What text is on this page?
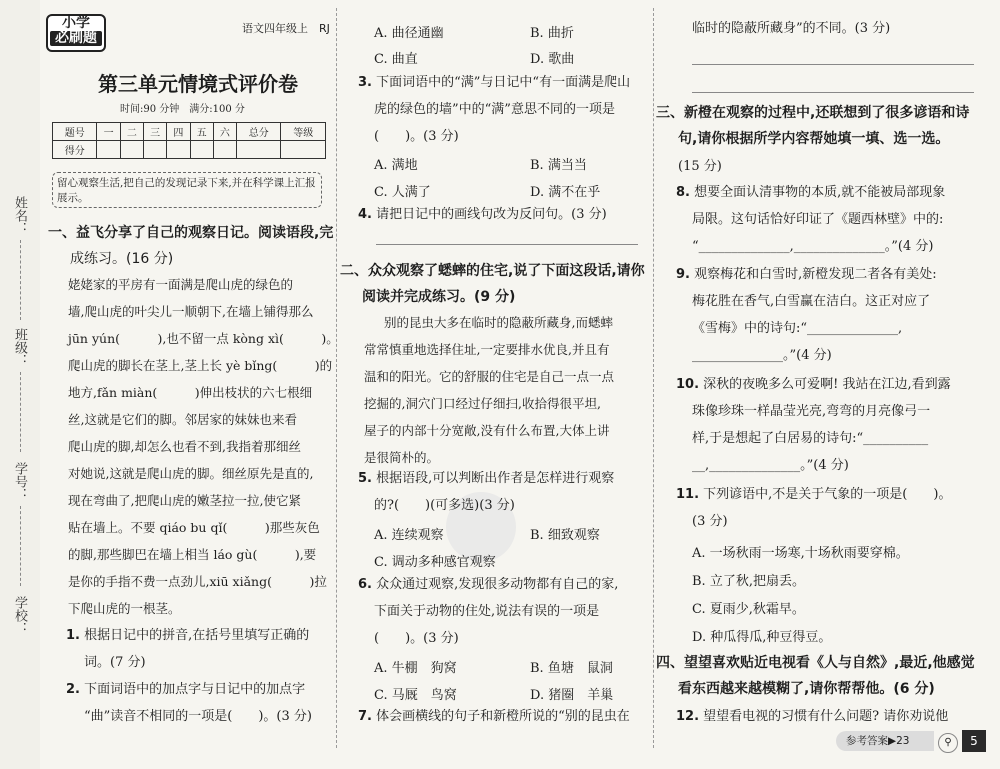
姓名：
班级：
学号：
学校：
小学
必刷题
语文四年级上　RJ
第三单元情境式评价卷
时间:90 分钟　满分:100 分
题号	一	二	三	四	五	六	总分	等级
得分								
留心观察生活,把自己的发现记录下来,并在科学课上汇报展示。
一、益飞分享了自己的观察日记。阅读语段,完
成练习。(16 分)
姥姥家的平房有一面满是爬山虎的绿色的
墙,爬山虎的叶尖儿一顺朝下,在墙上铺得那么
jūn yún(　　　),也不留一点 kòng xì(　　　)。
爬山虎的脚长在茎上,茎上长 yè bǐng(　　　)的
地方,fǎn miàn(　　　)伸出枝状的六七根细
丝,这就是它们的脚。邻居家的妹妹也来看
爬山虎的脚,却怎么也看不到,我指着那细丝
对她说,这就是爬山虎的脚。细丝原先是直的,
现在弯曲了,把爬山虎的嫩茎拉一拉,使它紧
贴在墙上。不要 qiáo bu qǐ(　　　)那些灰色
的脚,那些脚巴在墙上相当 láo gù(　　　),要
是你的手指不费一点劲儿,xiū xiǎng(　　　)拉
下爬山虎的一根茎。
1. 根据日记中的拼音,在括号里填写正确的
词。(7 分)
2. 下面词语中的加点字与日记中的加点字
“曲”读音不相同的一项是(　　)。(3 分)
A. 曲径通幽	B. 曲折
C. 曲直	D. 歌曲
3. 下面词语中的“满”与日记中“有一面满是爬山
虎的绿色的墙”中的“满”意思不同的一项是
(　　)。(3 分)
A. 满地	B. 满当当
C. 人满了	D. 满不在乎
4. 请把日记中的画线句改为反问句。(3 分)
二、众众观察了蟋蟀的住宅,说了下面这段话,请你
阅读并完成练习。(9 分)
别的昆虫大多在临时的隐蔽所藏身,而蟋蟀
常常慎重地选择住址,一定要排水优良,并且有
温和的阳光。它的舒服的住宅是自己一点一点
挖掘的,洞穴门口经过仔细扫,收拾得很平坦,
屋子的内部十分宽敞,没有什么布置,大体上讲
是很简朴的。
5. 根据语段,可以判断出作者是怎样进行观察
的?(　　)(可多选)(3 分)
A. 连续观察	B. 细致观察
C. 调动多种感官观察
6. 众众通过观察,发现很多动物都有自己的家,
下面关于动物的住处,说法有误的一项是
(　　)。(3 分)
A. 牛棚　狗窝	B. 鱼塘　鼠洞
C. 马厩　鸟窝	D. 猪圈　羊巢
7. 体会画横线的句子和新橙所说的“别的昆虫在
临时的隐蔽所藏身”的不同。(3 分)
三、新橙在观察的过程中,还联想到了很多谚语和诗
句,请你根据所学内容帮她填一填、选一选。
(15 分)
8. 想要全面认清事物的本质,就不能被局部现象
局限。这句话恰好印证了《题西林壁》中的:
“______________,______________。”(4 分)
9. 观察梅花和白雪时,新橙发现二者各有美处:
梅花胜在香气,白雪赢在洁白。这正对应了
《雪梅》中的诗句:“______________,
______________。”(4 分)
10. 深秋的夜晚多么可爱啊! 我站在江边,看到露
珠像珍珠一样晶莹光亮,弯弯的月亮像弓一
样,于是想起了白居易的诗句:“__________
__,______________。”(4 分)
11. 下列谚语中,不是关于气象的一项是(　　)。
(3 分)
A. 一场秋雨一场寒,十场秋雨要穿棉。
B. 立了秋,把扇丢。
C. 夏雨少,秋霜早。
D. 种瓜得瓜,种豆得豆。
四、望望喜欢贴近电视看《人与自然》,最近,他感觉
看东西越来越模糊了,请你帮帮他。(6 分)
12. 望望看电视的习惯有什么问题? 请你劝说他
参考答案▶23	⚲	5
